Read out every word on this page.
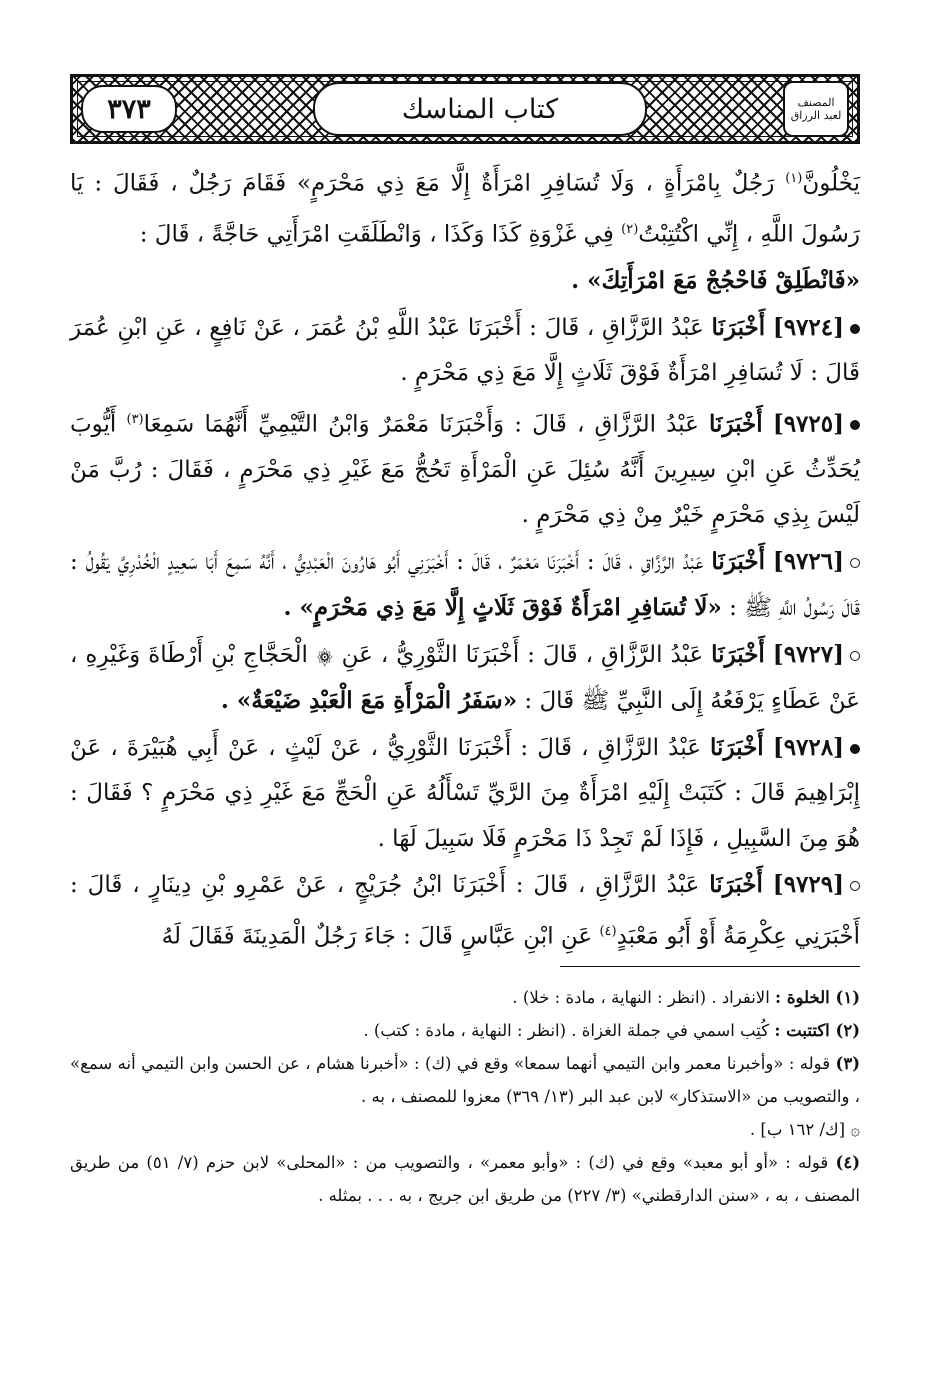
المصنف
لعبد الرزاق
كتاب المناسك
٣٧٣

يَخْلُونَّ$^{(١)}$ رَجُلٌ بِامْرَأَةٍ ، وَلَا تُسَافِرِ امْرَأَةٌ إِلَّا مَعَ ذِي مَحْرَمٍ» فَقَامَ رَجُلٌ ، فَقَالَ : يَا رَسُولَ اللَّهِ ، إِنِّي اكْتُتِبْتُ$^{(٢)}$ فِي غَزْوَةِ كَذَا وَكَذَا ، وَانْطَلَقَتِ امْرَأَتِي حَاجَّةً ، قَالَ :
«فَانْطَلِقْ فَاحْجُجْ مَعَ امْرَأَتِكَ» .

[٩٧٢٤] أَخْبَرَنَا عَبْدُ الرَّزَّاقِ ، قَالَ : أَخْبَرَنَا عَبْدُ اللَّهِ بْنُ عُمَرَ ، عَنْ نَافِعٍ ، عَنِ ابْنِ عُمَرَ قَالَ : لَا تُسَافِرِ امْرَأَةٌ فَوْقَ ثَلَاثٍ إِلَّا مَعَ ذِي مَحْرَمٍ .

[٩٧٢٥] أَخْبَرَنَا عَبْدُ الرَّزَّاقِ ، قَالَ : وَأَخْبَرَنَا مَعْمَرٌ وَابْنُ التَّيْمِيِّ أَنَّهُمَا سَمِعَا$^{(٣)}$ أَيُّوبَ يُحَدِّثُ عَنِ ابْنِ سِيرِينَ أَنَّهُ سُئِلَ عَنِ الْمَرْأَةِ تَحُجُّ مَعَ غَيْرِ ذِي مَحْرَمٍ ، فَقَالَ : رُبَّ مَنْ لَيْسَ بِذِي مَحْرَمٍ خَيْرٌ مِنْ ذِي مَحْرَمٍ .

[٩٧٢٦] أَخْبَرَنَا عَبْدُ الرَّزَّاقِ ، قَالَ : أَخْبَرَنَا مَعْمَرٌ ، قَالَ : أَخْبَرَنِي أَبُو هَارُونَ الْعَبْدِيُّ ، أَنَّهُ سَمِعَ أَبَا سَعِيدٍ الْخُدْرِيَّ يَقُولُ : قَالَ رَسُولُ اللَّهِ ﷺ : «لَا تُسَافِرِ امْرَأَةٌ فَوْقَ ثَلَاثٍ إِلَّا مَعَ ذِي مَحْرَمٍ» .

[٩٧٢٧] أَخْبَرَنَا عَبْدُ الرَّزَّاقِ ، قَالَ : أَخْبَرَنَا الثَّوْرِيُّ ، عَنِ ۞ الْحَجَّاجِ بْنِ أَرْطَاةَ وَغَيْرِهِ ، عَنْ عَطَاءٍ يَرْفَعُهُ إِلَى النَّبِيِّ ﷺ قَالَ : «سَفَرُ الْمَرْأَةِ مَعَ الْعَبْدِ ضَيْعَةٌ» .

[٩٧٢٨] أَخْبَرَنَا عَبْدُ الرَّزَّاقِ ، قَالَ : أَخْبَرَنَا الثَّوْرِيُّ ، عَنْ لَيْثٍ ، عَنْ أَبِي هُبَيْرَةَ ، عَنْ إِبْرَاهِيمَ قَالَ : كَتَبَتْ إِلَيْهِ امْرَأَةٌ مِنَ الرَّيِّ تَسْأَلُهُ عَنِ الْحَجِّ مَعَ غَيْرِ ذِي مَحْرَمٍ ؟ فَقَالَ : هُوَ مِنَ السَّبِيلِ ، فَإِذَا لَمْ تَجِدْ ذَا مَحْرَمٍ فَلَا سَبِيلَ لَهَا .

[٩٧٢٩] أَخْبَرَنَا عَبْدُ الرَّزَّاقِ ، قَالَ : أَخْبَرَنَا ابْنُ جُرَيْجٍ ، عَنْ عَمْرِو بْنِ دِينَارٍ ، قَالَ : أَخْبَرَنِي عِكْرِمَةُ أَوْ أَبُو مَعْبَدٍ$^{(٤)}$ عَنِ ابْنِ عَبَّاسٍ قَالَ : جَاءَ رَجُلٌ الْمَدِينَةَ فَقَالَ لَهُ

(١) الخلوة : الانفراد . (انظر : النهاية ، مادة : خلا) .

(٢) اكتتبت : كُتِب اسمي في جملة الغزاة . (انظر : النهاية ، مادة : كتب) .

(٣) قوله : «وأخبرنا معمر وابن التيمي أنهما سمعا» وقع في (ك) : «أخبرنا هشام ، عن الحسن وابن التيمي أنه سمع» ، والتصويب من «الاستذكار» لابن عبد البر (١٣/ ٣٦٩) معزوا للمصنف ، به .

۞ [ك/ ١٦٢ ب] .

(٤) قوله : «أو أبو معبد» وقع في (ك) : «وأبو معمر» ، والتصويب من : «المحلى» لابن حزم (٧/ ٥١) من طريق المصنف ، به ، «سنن الدارقطني» (٣/ ٢٢٧) من طريق ابن جريج ، به . . . بمثله .
